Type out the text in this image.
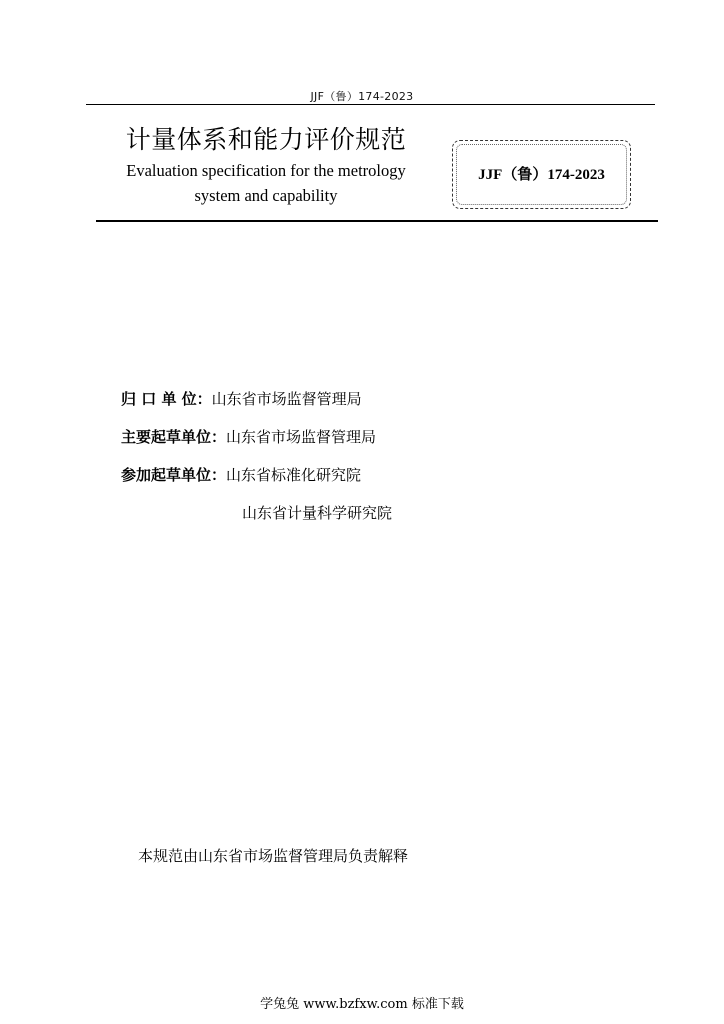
JJF（鲁）174-2023
计量体系和能力评价规范
Evaluation specification for the metrology
system and capability
JJF（鲁）174-2023
归 口 单 位：山东省市场监督管理局
主要起草单位：山东省市场监督管理局
参加起草单位：山东省标准化研究院
山东省计量科学研究院
本规范由山东省市场监督管理局负责解释
学兔兔 www.bzfxw.com 标准下载
